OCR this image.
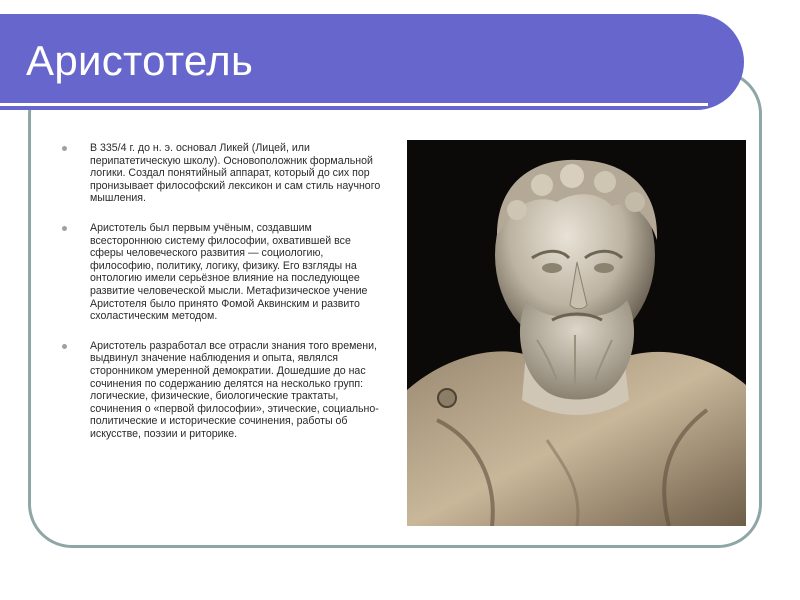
Аристотель
В 335/4 г. до н. э. основал Ликей (Лицей, или перипатетическую школу). Основоположник формальной логики. Создал понятийный аппарат, который до сих пор пронизывает философский лексикон и сам стиль научного мышления.
Аристотель был первым учёным, создавшим всестороннюю систему философии, охватившей все сферы человеческого развития — социологию, философию, политику, логику, физику. Его взгляды на онтологию имели серьёзное влияние на последующее развитие человеческой мысли. Метафизическое учение Аристотеля было принято Фомой Аквинским и развито схоластическим методом.
Аристотель разработал все отрасли знания того времени, выдвинул значение наблюдения и опыта, являлся сторонником умеренной демократии. Дошедшие до нас сочинения по содержанию делятся на несколько групп: логические, физические, биологические трактаты, сочинения о «первой философии», этические, социально-политические и исторические сочинения, работы об искусстве, поэзии и риторике.
